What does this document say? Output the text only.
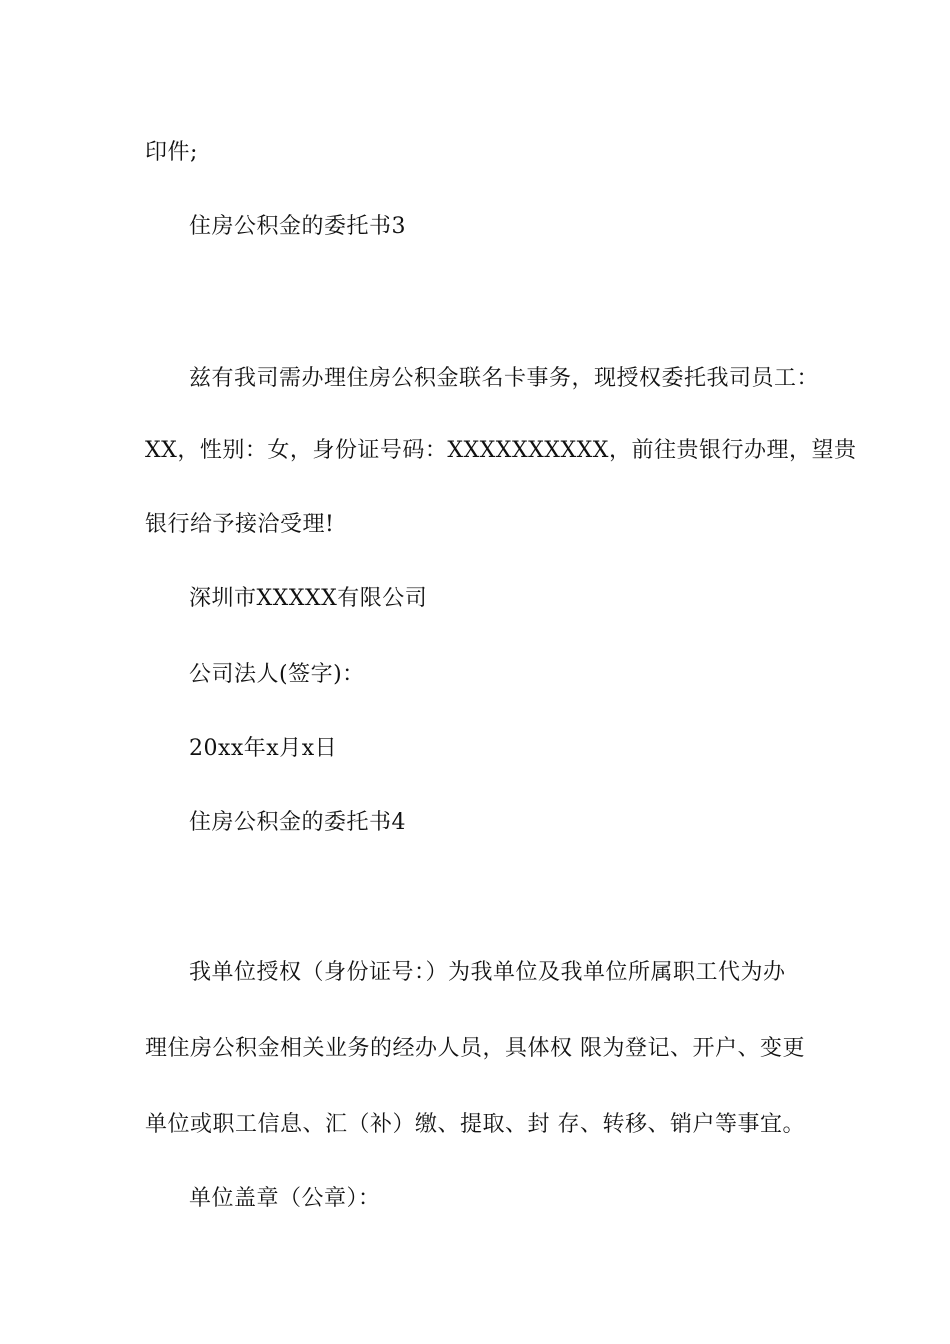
印件;
住房公积金的委托书3
兹有我司需办理住房公积金联名卡事务，现授权委托我司员工：
XX，性别：女，身份证号码：XXXXXXXXXX，前往贵银行办理，望贵
银行给予接洽受理!
深圳市XXXXX有限公司
公司法人(签字)：
20xx年x月x日
住房公积金的委托书4
我单位授权（身份证号：）为我单位及我单位所属职工代为办
理住房公积金相关业务的经办人员，具体权 限为登记、开户、变更
单位或职工信息、汇（补）缴、提取、封 存、转移、销户等事宜。
单位盖章（公章）：
